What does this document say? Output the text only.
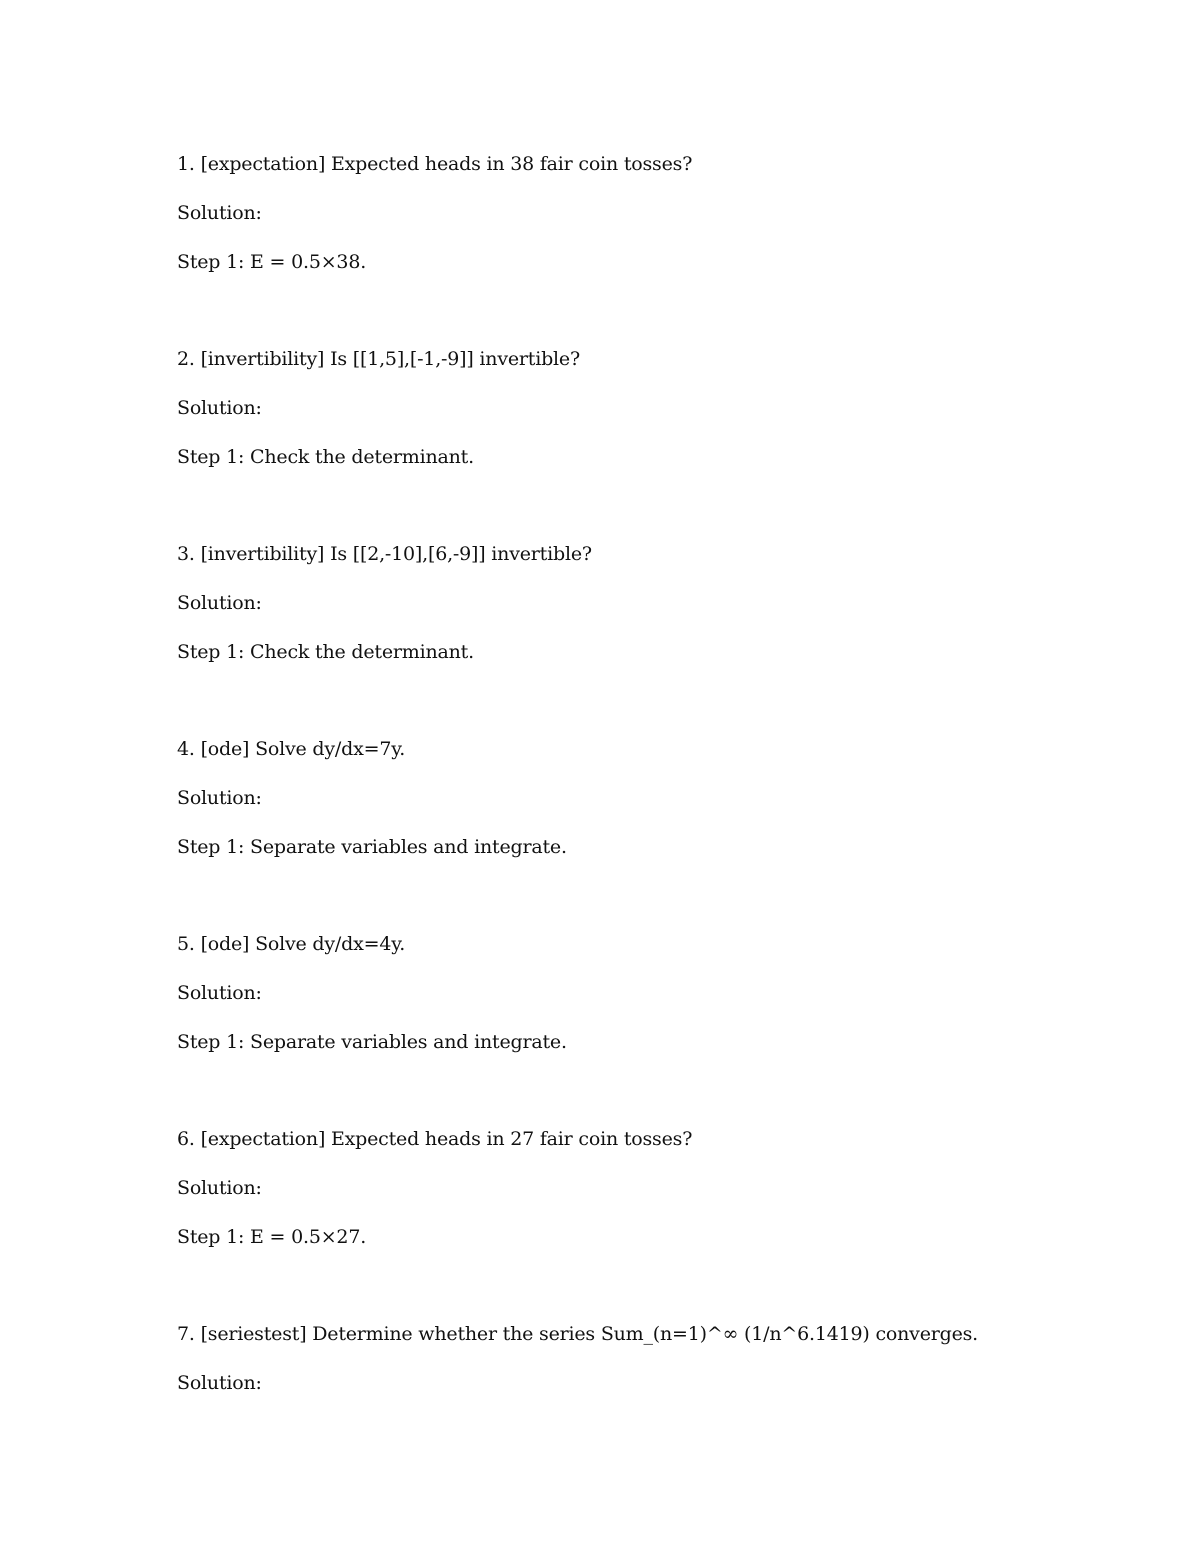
1. [expectation] Expected heads in 38 fair coin tosses?
Solution:
Step 1: E = 0.5×38.
2. [invertibility] Is [[1,5],[-1,-9]] invertible?
Solution:
Step 1: Check the determinant.
3. [invertibility] Is [[2,-10],[6,-9]] invertible?
Solution:
Step 1: Check the determinant.
4. [ode] Solve dy/dx=7y.
Solution:
Step 1: Separate variables and integrate.
5. [ode] Solve dy/dx=4y.
Solution:
Step 1: Separate variables and integrate.
6. [expectation] Expected heads in 27 fair coin tosses?
Solution:
Step 1: E = 0.5×27.
7. [seriestest] Determine whether the series Sum_(n=1)^∞ (1/n^6.1419) converges.
Solution:
